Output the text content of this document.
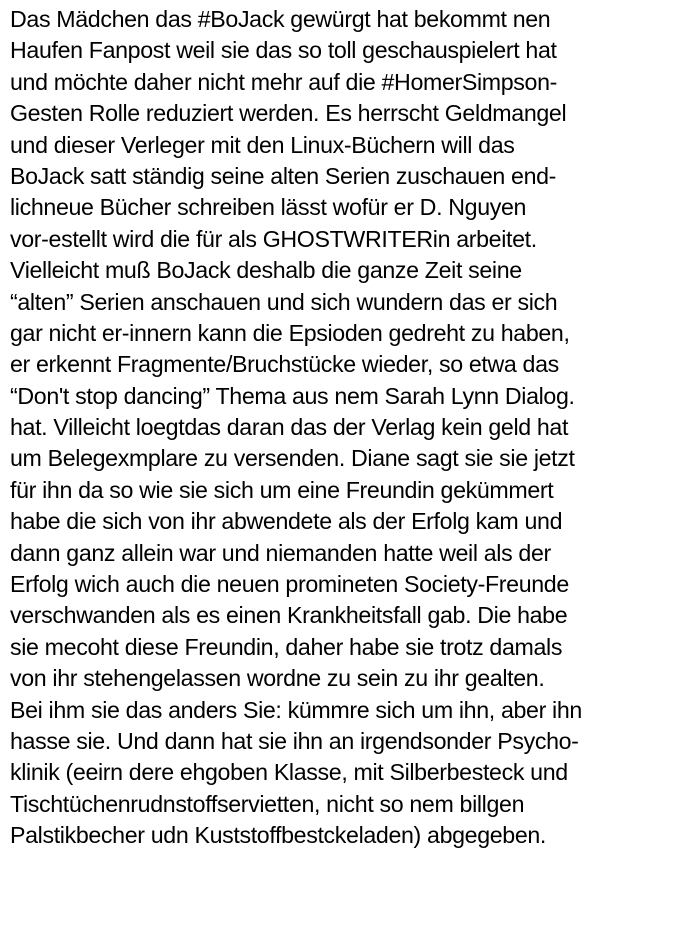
Das Mädchen das #BoJack gewürgt hat bekommt nen
Haufen Fanpost weil sie das so toll geschauspielert hat
und möchte daher nicht mehr auf die #HomerSimpson-
Gesten Rolle reduziert werden. Es herrscht Geldmangel
und dieser Verleger mit den Linux-Büchern will das
BoJack satt ständig seine alten Serien zuschauen end-
lichneue Bücher schreiben lässt wofür er D. Nguyen
vor-estellt wird die für als GHOSTWRITERin arbeitet.
Vielleicht muß BoJack deshalb die ganze Zeit seine
“alten” Serien anschauen und sich wundern das er sich
gar nicht er-innern kann die Epsioden gedreht zu haben,
er erkennt Fragmente/Bruchstücke wieder, so etwa das
“Don't stop dancing” Thema aus nem Sarah Lynn Dialog.
hat. Villeicht loegtdas daran das der Verlag kein geld hat
um Belegexmplare zu versenden. Diane sagt sie sie jetzt
für ihn da so wie sie sich um eine Freundin gekümmert
habe die sich von ihr abwendete als der Erfolg kam und
dann ganz allein war und niemanden hatte weil als der
Erfolg wich auch die neuen promineten Society-Freunde
verschwanden als es einen Krankheitsfall gab. Die habe
sie mecoht diese Freundin, daher habe sie trotz damals
von ihr stehengelassen wordne zu sein zu ihr gealten.
Bei ihm sie das anders Sie: kümmre sich um ihn, aber ihn
hasse sie. Und dann hat sie ihn an irgendsonder Psycho-
klinik (eeirn dere ehgoben Klasse, mit Silberbesteck und
Tischtüchenrudnstoffservietten, nicht so nem billgen
Palstikbecher udn Kuststoffbestckeladen) abgegeben.
